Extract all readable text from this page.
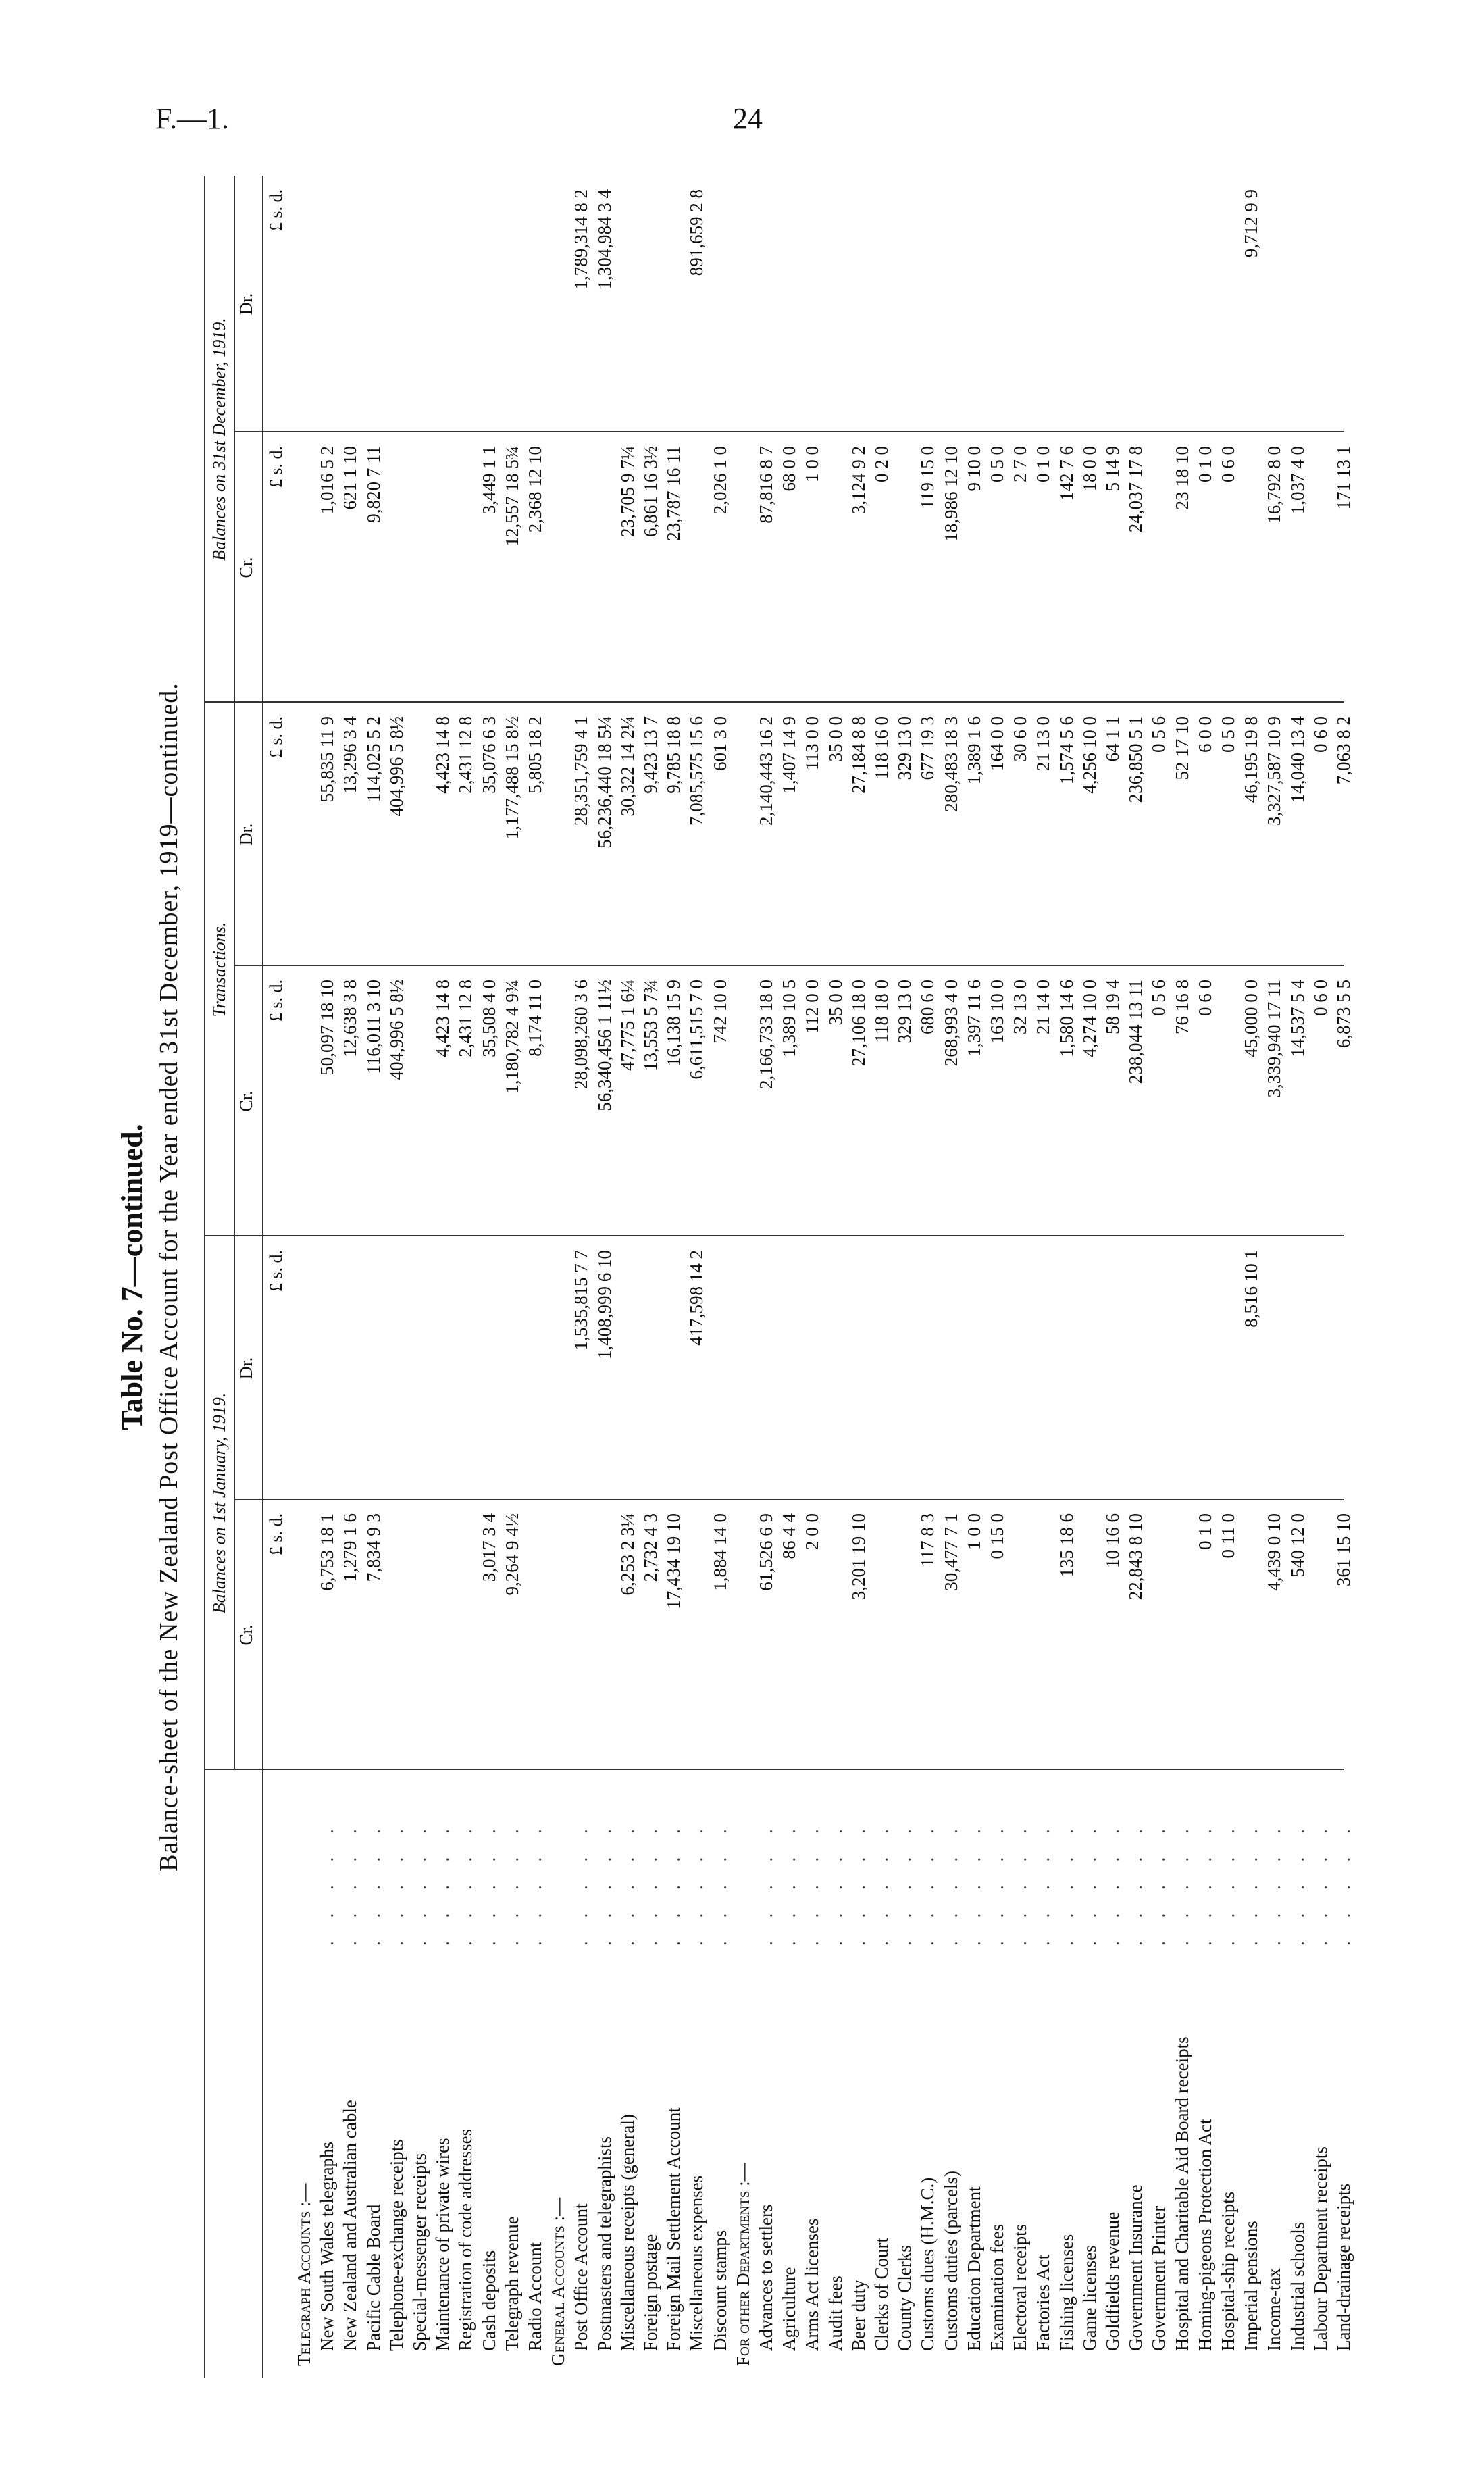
F.—1.	24
Table No. 7—continued. Balance-sheet of the New Zealand Post Office Account for the Year ended 31st December, 1919—continued. Balances on 1st January, 1919.
Transactions.
Balances on 31st December, 1919.
Cr.
Dr.
Cr.
Dr.
Cr.
Dr.
£ s. d.
£ s. d.
£ s. d.
£ s. d.
£ s. d.
£ s. d.
Telegraph Accounts :— New South Wales telegraphs
. . . . .
6,753 18 1
50,097 18 10
55,835 11 9
1,016 5 2
New Zealand and Australian cable
. . . . .
1,279 1 6
12,638 3 8
13,296 3 4
621 1 10
Pacific Cable Board
. . . . .
7,834 9 3
116,011 3 10
114,025 5 2
9,820 7 11
Telephone-exchange receipts
. . . . .
404,996 5 8½
404,996 5 8½
Special-messenger receipts
. . . . .
Maintenance of private wires
. . . . .
4,423 14 8
4,423 14 8
Registration of code addresses
. . . . .
2,431 12 8
2,431 12 8
Cash deposits
. . . . .
3,017 3 4
35,508 4 0
35,076 6 3
3,449 1 1
Telegraph revenue
. . . . .
9,264 9 4½
1,180,782 4 9¾
1,177,488 15 8½
12,557 18 5¾
Radio Account
. . . . .
8,174 11 0
5,805 18 2
2,368 12 10
General Accounts :— Post Office Account
. . . . .
1,535,815 7 7
28,098,260 3 6
28,351,759 4 1
1,789,314 8 2
Postmasters and telegraphists
. . . . .
1,408,999 6 10
56,340,456 1 11½
56,236,440 18 5¼
1,304,984 3 4
Miscellaneous receipts (general)
. . . . .
6,253 2 3¼
47,775 1 6¼
30,322 14 2¼
23,705 9 7¼
Foreign postage
. . . . .
2,732 4 3
13,553 5 7¾
9,423 13 7
6,861 16 3½
Foreign Mail Settlement Account
. . . . .
17,434 19 10
16,138 15 9
9,785 18 8
23,787 16 11
Miscellaneous expenses
. . . . .
417,598 14 2
6,611,515 7 0
7,085,575 15 6
891,659 2 8
Discount stamps
. . . . .
1,884 14 0
742 10 0
601 3 0
2,026 1 0
For other Departments :— Advances to settlers
. . . . .
61,526 6 9
2,166,733 18 0
2,140,443 16 2
87,816 8 7
Agriculture
. . . . .
86 4 4
1,389 10 5
1,407 14 9
68 0 0
Arms Act licenses
. . . . .
2 0 0
112 0 0
113 0 0
1 0 0
Audit fees
. . . . .
35 0 0
35 0 0
Beer duty
. . . . .
3,201 19 10
27,106 18 0
27,184 8 8
3,124 9 2
Clerks of Court
. . . . .
118 18 0
118 16 0
0 2 0
County Clerks
. . . . .
329 13 0
329 13 0
Customs dues (H.M.C.)
. . . . .
117 8 3
680 6 0
677 19 3
119 15 0
Customs duties (parcels)
. . . . .
30,477 7 1
268,993 4 0
280,483 18 3
18,986 12 10
Education Department
. . . . .
1 0 0
1,397 11 6
1,389 1 6
9 10 0
Examination fees
. . . . .
0 15 0
163 10 0
164 0 0
0 5 0
Electoral receipts
. . . . .
32 13 0
30 6 0
2 7 0
Factories Act
. . . . .
21 14 0
21 13 0
0 1 0
Fishing licenses
. . . . .
135 18 6
1,580 14 6
1,574 5 6
142 7 6
Game licenses
. . . . .
4,274 10 0
4,256 10 0
18 0 0
Goldfields revenue
. . . . .
10 16 6
58 19 4
64 1 1
5 14 9
Government Insurance
. . . . .
22,843 8 10
238,044 13 11
236,850 5 1
24,037 17 8
Government Printer
. . . . .
0 5 6
0 5 6
Hospital and Charitable Aid Board receipts
. . . . .
76 16 8
52 17 10
23 18 10
Homing-pigeons Protection Act
. . . . .
0 1 0
0 6 0
6 0 0
0 1 0
Hospital-ship receipts
. . . . .
0 11 0
0 5 0
0 6 0
Imperial pensions
. . . . .
8,516 10 1
45,000 0 0
46,195 19 8
9,712 9 9
Income-tax
. . . . .
4,439 0 10
3,339,940 17 11
3,327,587 10 9
16,792 8 0
Industrial schools
. . . . .
540 12 0
14,537 5 4
14,040 13 4
1,037 4 0
Labour Department receipts
. . . . .
0 6 0
0 6 0
Land-drainage receipts
. . . . .
361 15 10
6,873 5 5
7,063 8 2
171 13 1
